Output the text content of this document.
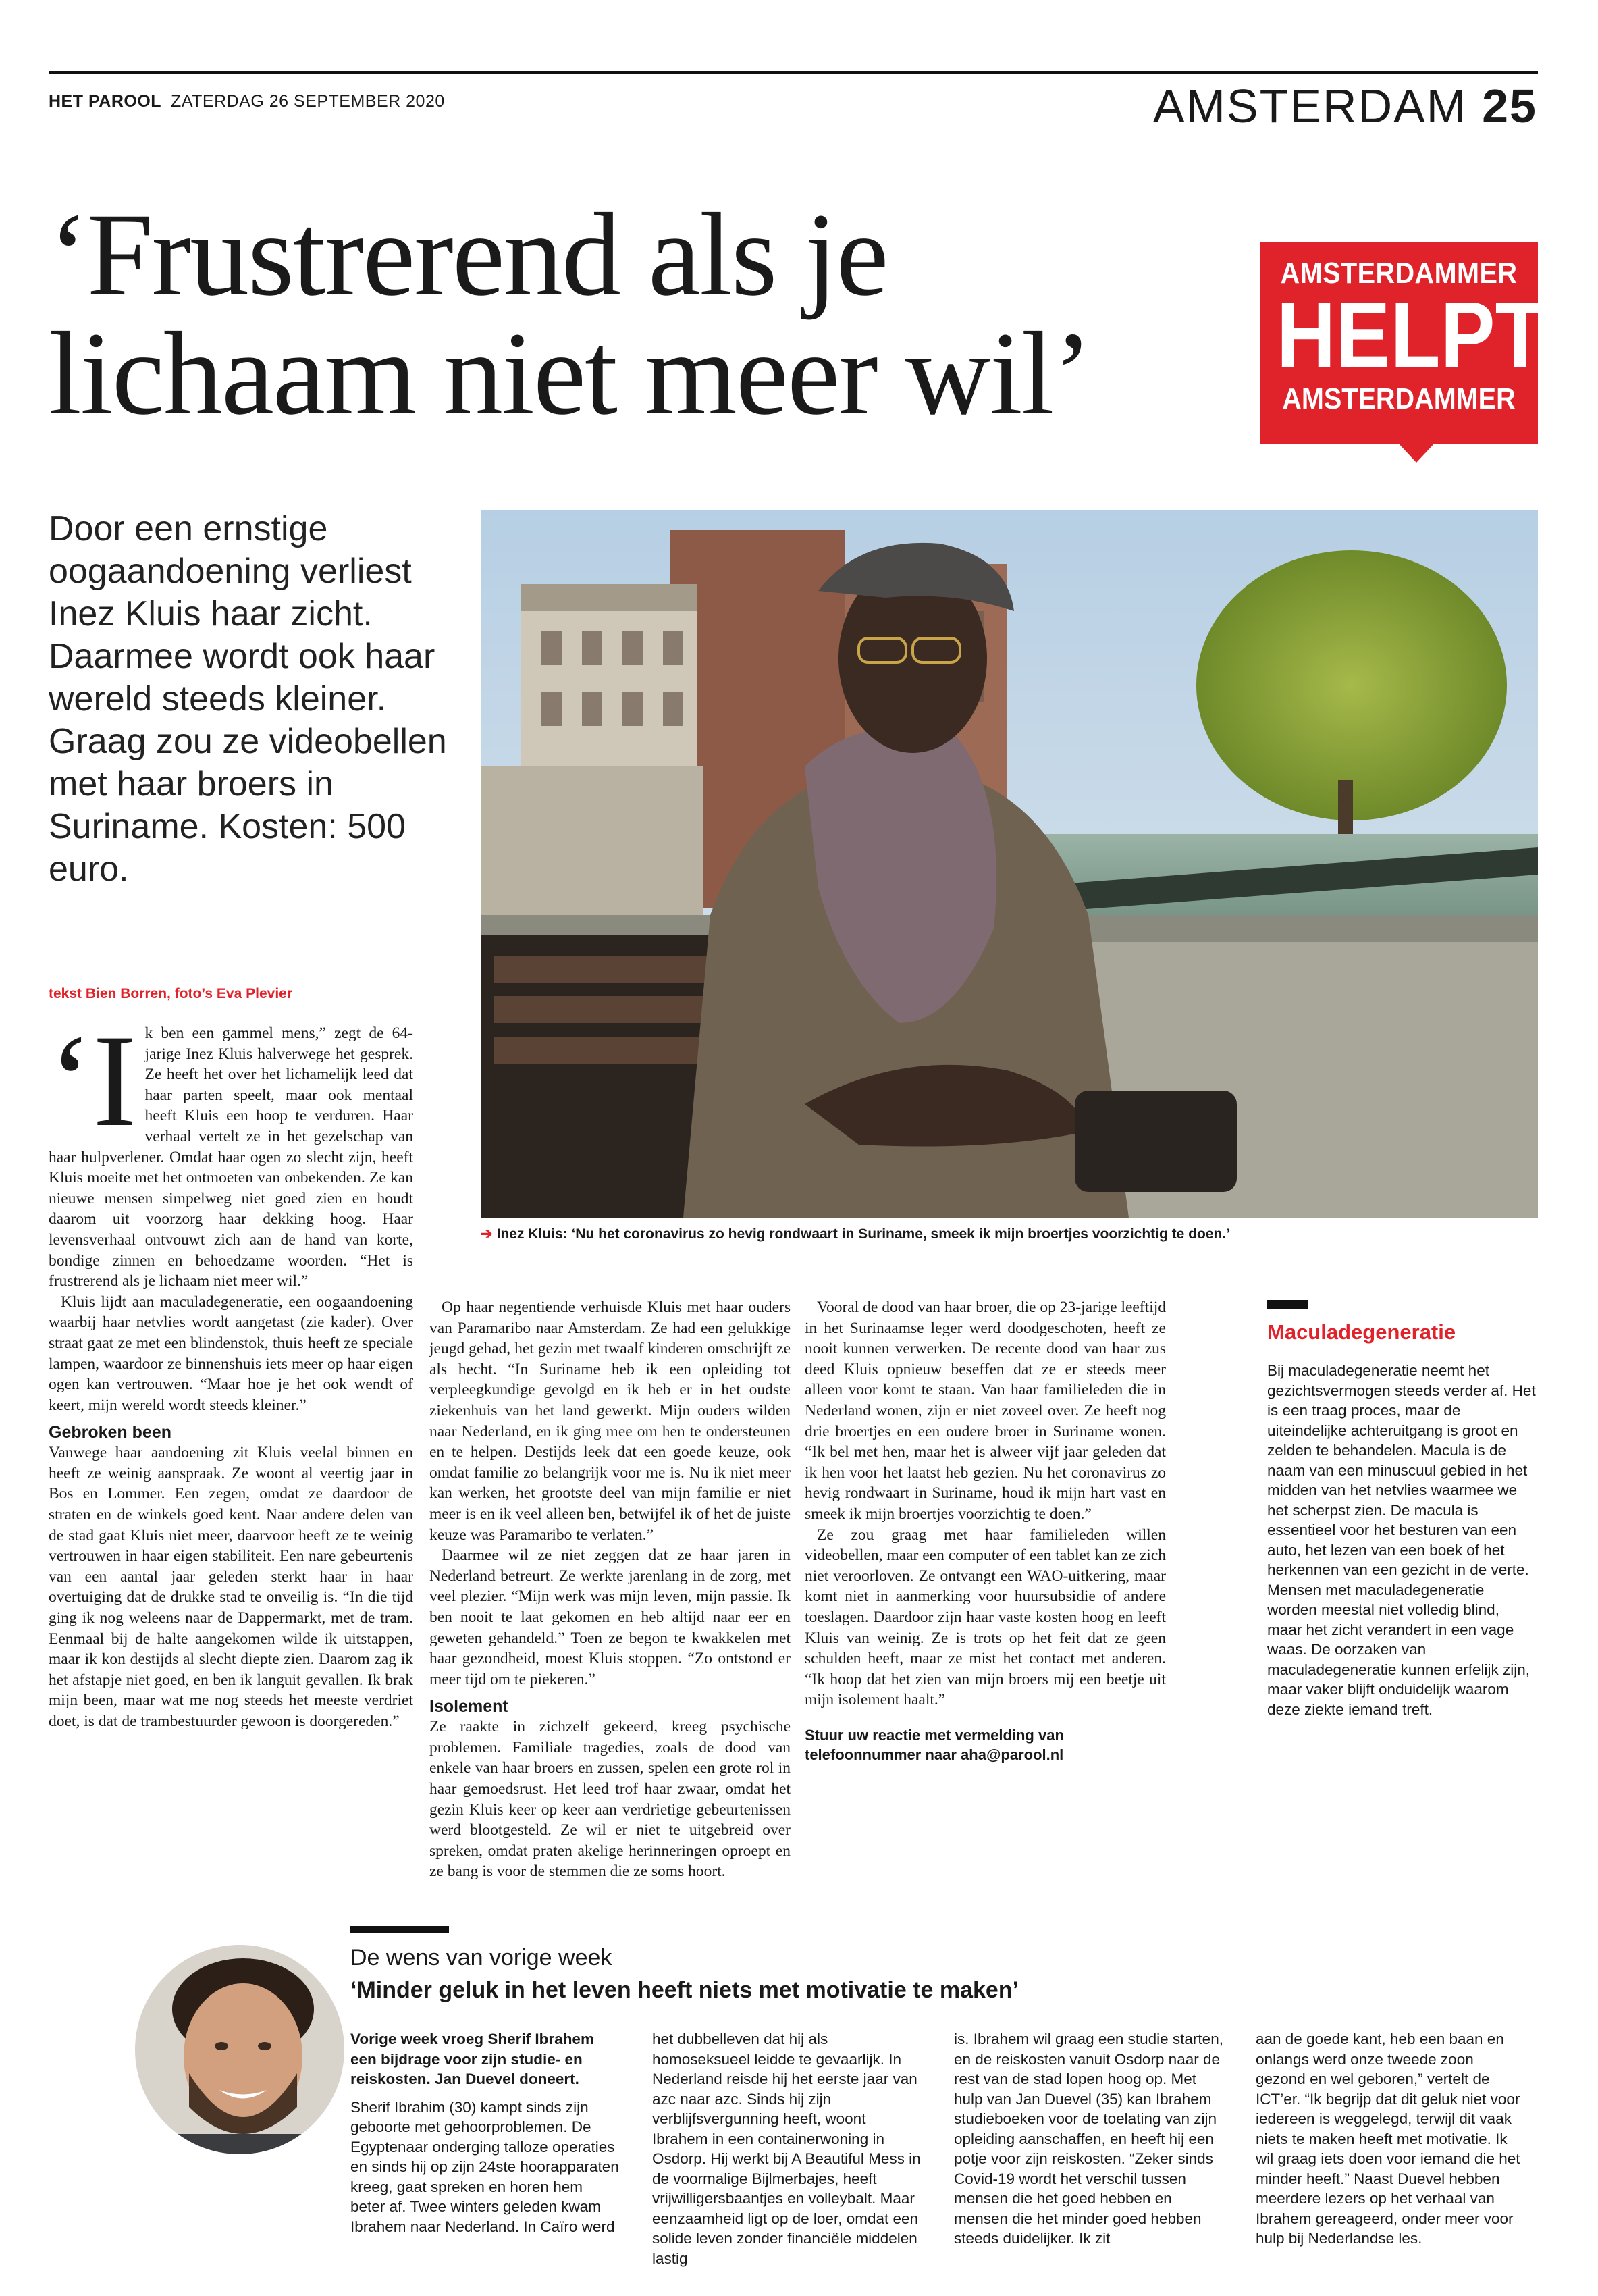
HET PAROOL ZATERDAG 26 SEPTEMBER 2020	AMSTERDAM 25
‘Frustrerend als je
lichaam niet meer wil’
AMSTERDAMMER
HELPT
AMSTERDAMMER
Door een ernstige oogaandoening verliest Inez Kluis haar zicht. Daarmee wordt ook haar wereld steeds kleiner. Graag zou ze videobellen met haar broers in Suriname. Kosten: 500 euro.
➔ Inez Kluis: ‘Nu het coronavirus zo hevig rondwaart in Suriname, smeek ik mijn broertjes voorzichtig te doen.’
tekst Bien Borren, foto’s Eva Plevier

‘Ik ben een gammel mens,” zegt de 64-jarige Inez Kluis halverwege het gesprek. Ze heeft het over het lichamelijk leed dat haar parten speelt, maar ook mentaal heeft Kluis een hoop te verduren. Haar verhaal vertelt ze in het gezelschap van haar hulpverlener. Omdat haar ogen zo slecht zijn, heeft Kluis moeite met het ontmoeten van onbekenden. Ze kan nieuwe mensen simpelweg niet goed zien en houdt daarom uit voorzorg haar dekking hoog. Haar levensverhaal ontvouwt zich aan de hand van korte, bondige zinnen en behoedzame woorden. “Het is frustrerend als je lichaam niet meer wil.”

Kluis lijdt aan maculadegeneratie, een oogaandoening waarbij haar netvlies wordt aangetast (zie kader). Over straat gaat ze met een blindenstok, thuis heeft ze speciale lampen, waardoor ze binnenshuis iets meer op haar eigen ogen kan vertrouwen. “Maar hoe je het ook wendt of keert, mijn wereld wordt steeds kleiner.”

Gebroken been

Vanwege haar aandoening zit Kluis veelal binnen en heeft ze weinig aanspraak. Ze woont al veertig jaar in Bos en Lommer. Een zegen, omdat ze daardoor de straten en de winkels goed kent. Naar andere delen van de stad gaat Kluis niet meer, daarvoor heeft ze te weinig vertrouwen in haar eigen stabiliteit. Een nare gebeurtenis van een aantal jaar geleden sterkt haar in haar overtuiging dat de drukke stad te onveilig is. “In die tijd ging ik nog weleens naar de Dappermarkt, met de tram. Eenmaal bij de halte aangekomen wilde ik uitstappen, maar ik kon destijds al slecht diepte zien. Daarom zag ik het afstapje niet goed, en ben ik languit gevallen. Ik brak mijn been, maar wat me nog steeds het meeste verdriet doet, is dat de trambestuurder gewoon is doorgereden.”

Op haar negentiende verhuisde Kluis met haar ouders van Paramaribo naar Amsterdam. Ze had een gelukkige jeugd gehad, het gezin met twaalf kinderen omschrijft ze als hecht. “In Suriname heb ik een opleiding tot verpleegkundige gevolgd en ik heb er in het oudste ziekenhuis van het land gewerkt. Mijn ouders wilden naar Nederland, en ik ging mee om hen te ondersteunen en te helpen. Destijds leek dat een goede keuze, ook omdat familie zo belangrijk voor me is. Nu ik niet meer kan werken, het grootste deel van mijn familie er niet meer is en ik veel alleen ben, betwijfel ik of het de juiste keuze was Paramaribo te verlaten.”

Daarmee wil ze niet zeggen dat ze haar jaren in Nederland betreurt. Ze werkte jarenlang in de zorg, met veel plezier. “Mijn werk was mijn leven, mijn passie. Ik ben nooit te laat gekomen en heb altijd naar eer en geweten gehandeld.” Toen ze begon te kwakkelen met haar gezondheid, moest Kluis stoppen. “Zo ontstond er meer tijd om te piekeren.”

Isolement

Ze raakte in zichzelf gekeerd, kreeg psychische problemen. Familiale tragedies, zoals de dood van enkele van haar broers en zussen, spelen een grote rol in haar gemoedsrust. Het leed trof haar zwaar, omdat het gezin Kluis keer op keer aan verdrietige gebeurtenissen werd blootgesteld. Ze wil er niet te uitgebreid over spreken, omdat praten akelige herinneringen oproept en ze bang is voor de stemmen die ze soms hoort.

Vooral de dood van haar broer, die op 23-jarige leeftijd in het Surinaamse leger werd doodgeschoten, heeft ze nooit kunnen verwerken. De recente dood van haar zus deed Kluis opnieuw beseffen dat ze er steeds meer alleen voor komt te staan. Van haar familieleden die in Nederland wonen, zijn er niet zoveel over. Ze heeft nog drie broertjes en een oudere broer in Suriname wonen. “Ik bel met hen, maar het is alweer vijf jaar geleden dat ik hen voor het laatst heb gezien. Nu het coronavirus zo hevig rondwaart in Suriname, houd ik mijn hart vast en smeek ik mijn broertjes voorzichtig te doen.”

Ze zou graag met haar familieleden willen videobellen, maar een computer of een tablet kan ze zich niet veroorloven. Ze ontvangt een WAO-uitkering, maar komt niet in aanmerking voor huursubsidie of andere toeslagen. Daardoor zijn haar vaste kosten hoog en leeft Kluis van weinig. Ze is trots op het feit dat ze geen schulden heeft, maar ze mist het contact met anderen. “Ik hoop dat het zien van mijn broers mij een beetje uit mijn isolement haalt.”

Stuur uw reactie met vermelding van telefoonnummer naar aha@parool.nl

Maculadegeneratie
Bij maculadegeneratie neemt het gezichtsvermogen steeds verder af. Het is een traag proces, maar de uiteindelijke achteruitgang is groot en zelden te behandelen. Macula is de naam van een minuscuul gebied in het midden van het netvlies waarmee we het scherpst zien. De macula is essentieel voor het besturen van een auto, het lezen van een boek of het herkennen van een gezicht in de verte. Mensen met maculadegeneratie worden meestal niet volledig blind, maar het zicht verandert in een vage waas. De oorzaken van maculadegeneratie kunnen erfelijk zijn, maar vaker blijft onduidelijk waarom deze ziekte iemand treft.
De wens van vorige week
‘Minder geluk in het leven heeft niets met motivatie te maken’

Vorige week vroeg Sherif Ibrahem een bijdrage voor zijn studie- en reiskosten. Jan Duevel doneert.

Sherif Ibrahim (30) kampt sinds zijn geboorte met gehoorproblemen. De Egyptenaar onderging talloze operaties en sinds hij op zijn 24ste hoorapparaten kreeg, gaat spreken en horen hem beter af. Twee winters geleden kwam Ibrahem naar Nederland. In Caïro werd

het dubbelleven dat hij als homoseksueel leidde te gevaarlijk. In Nederland reisde hij het eerste jaar van azc naar azc. Sinds hij zijn verblijfsvergunning heeft, woont Ibrahem in een containerwoning in Osdorp. Hij werkt bij A Beautiful Mess in de voormalige Bijlmerbajes, heeft vrijwilligersbaantjes en volleybalt. Maar eenzaamheid ligt op de loer, omdat een solide leven zonder financiële middelen lastig

is. Ibrahem wil graag een studie starten, en de reiskosten vanuit Osdorp naar de rest van de stad lopen hoog op. Met hulp van Jan Duevel (35) kan Ibrahem studieboeken voor de toelating van zijn opleiding aanschaffen, en heeft hij een potje voor zijn reiskosten. “Zeker sinds Covid-19 wordt het verschil tussen mensen die het goed hebben en mensen die het minder goed hebben steeds duidelijker. Ik zit

aan de goede kant, heb een baan en onlangs werd onze tweede zoon gezond en wel geboren,” vertelt de ICT’er. “Ik begrijp dat dit geluk niet voor iedereen is weggelegd, terwijl dit vaak niets te maken heeft met motivatie. Ik wil graag iets doen voor iemand die het minder heeft.” Naast Duevel hebben meerdere lezers op het verhaal van Ibrahem gereageerd, onder meer voor hulp bij Nederlandse les.
